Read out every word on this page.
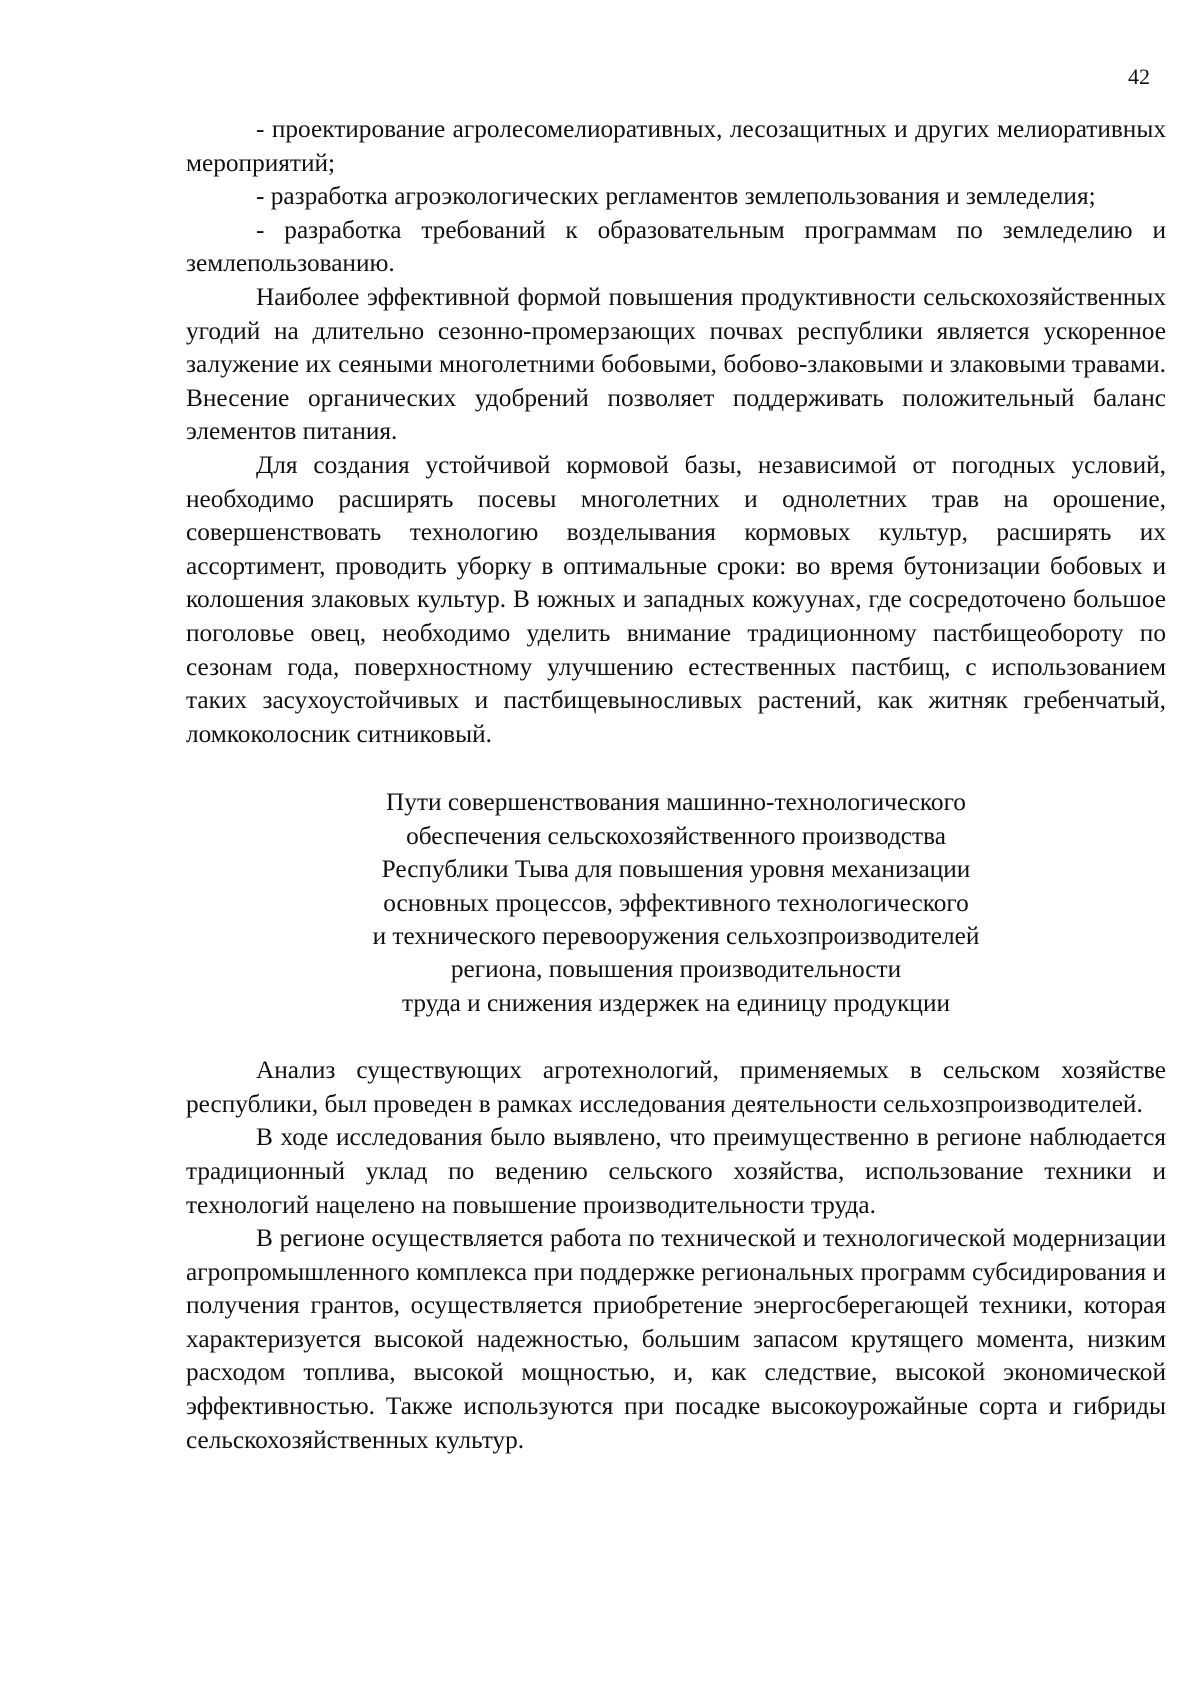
42

- проектирование агролесомелиоративных, лесозащитных и других мелиоративных мероприятий;

- разработка агроэкологических регламентов землепользования и земледелия;

- разработка требований к образовательным программам по земледелию и землепользованию.

Наиболее эффективной формой повышения продуктивности сельскохозяйственных угодий на длительно сезонно-промерзающих почвах республики является ускоренное залужение их сеяными многолетними бобовыми, бобово-злаковыми и злаковыми травами. Внесение органических удобрений позволяет поддерживать положительный баланс элементов питания.

Для создания устойчивой кормовой базы, независимой от погодных условий, необходимо расширять посевы многолетних и однолетних трав на орошение, совершенствовать технологию возделывания кормовых культур, расширять их ассортимент, проводить уборку в оптимальные сроки: во время бутонизации бобовых и колошения злаковых культур. В южных и западных кожуунах, где сосредоточено большое поголовье овец, необходимо уделить внимание традиционному пастбищеобороту по сезонам года, поверхностному улучшению естественных пастбищ, с использованием таких засухоустойчивых и пастбищевыносливых растений, как житняк гребенчатый, ломкоколосник ситниковый.

Пути совершенствования машинно-технологического
обеспечения сельскохозяйственного производства
Республики Тыва для повышения уровня механизации
основных процессов, эффективного технологического
и технического перевооружения сельхозпроизводителей
региона, повышения производительности
труда и снижения издержек на единицу продукции

Анализ существующих агротехнологий, применяемых в сельском хозяйстве республики, был проведен в рамках исследования деятельности сельхозпроизводителей.

В ходе исследования было выявлено, что преимущественно в регионе наблюдается традиционный уклад по ведению сельского хозяйства, использование техники и технологий нацелено на повышение производительности труда.

В регионе осуществляется работа по технической и технологической модернизации агропромышленного комплекса при поддержке региональных программ субсидирования и получения грантов, осуществляется приобретение энергосберегающей техники, которая характеризуется высокой надежностью, большим запасом крутящего момента, низким расходом топлива, высокой мощностью, и, как следствие, высокой экономической эффективностью. Также используются при посадке высокоурожайные сорта и гибриды сельскохозяйственных культур.
